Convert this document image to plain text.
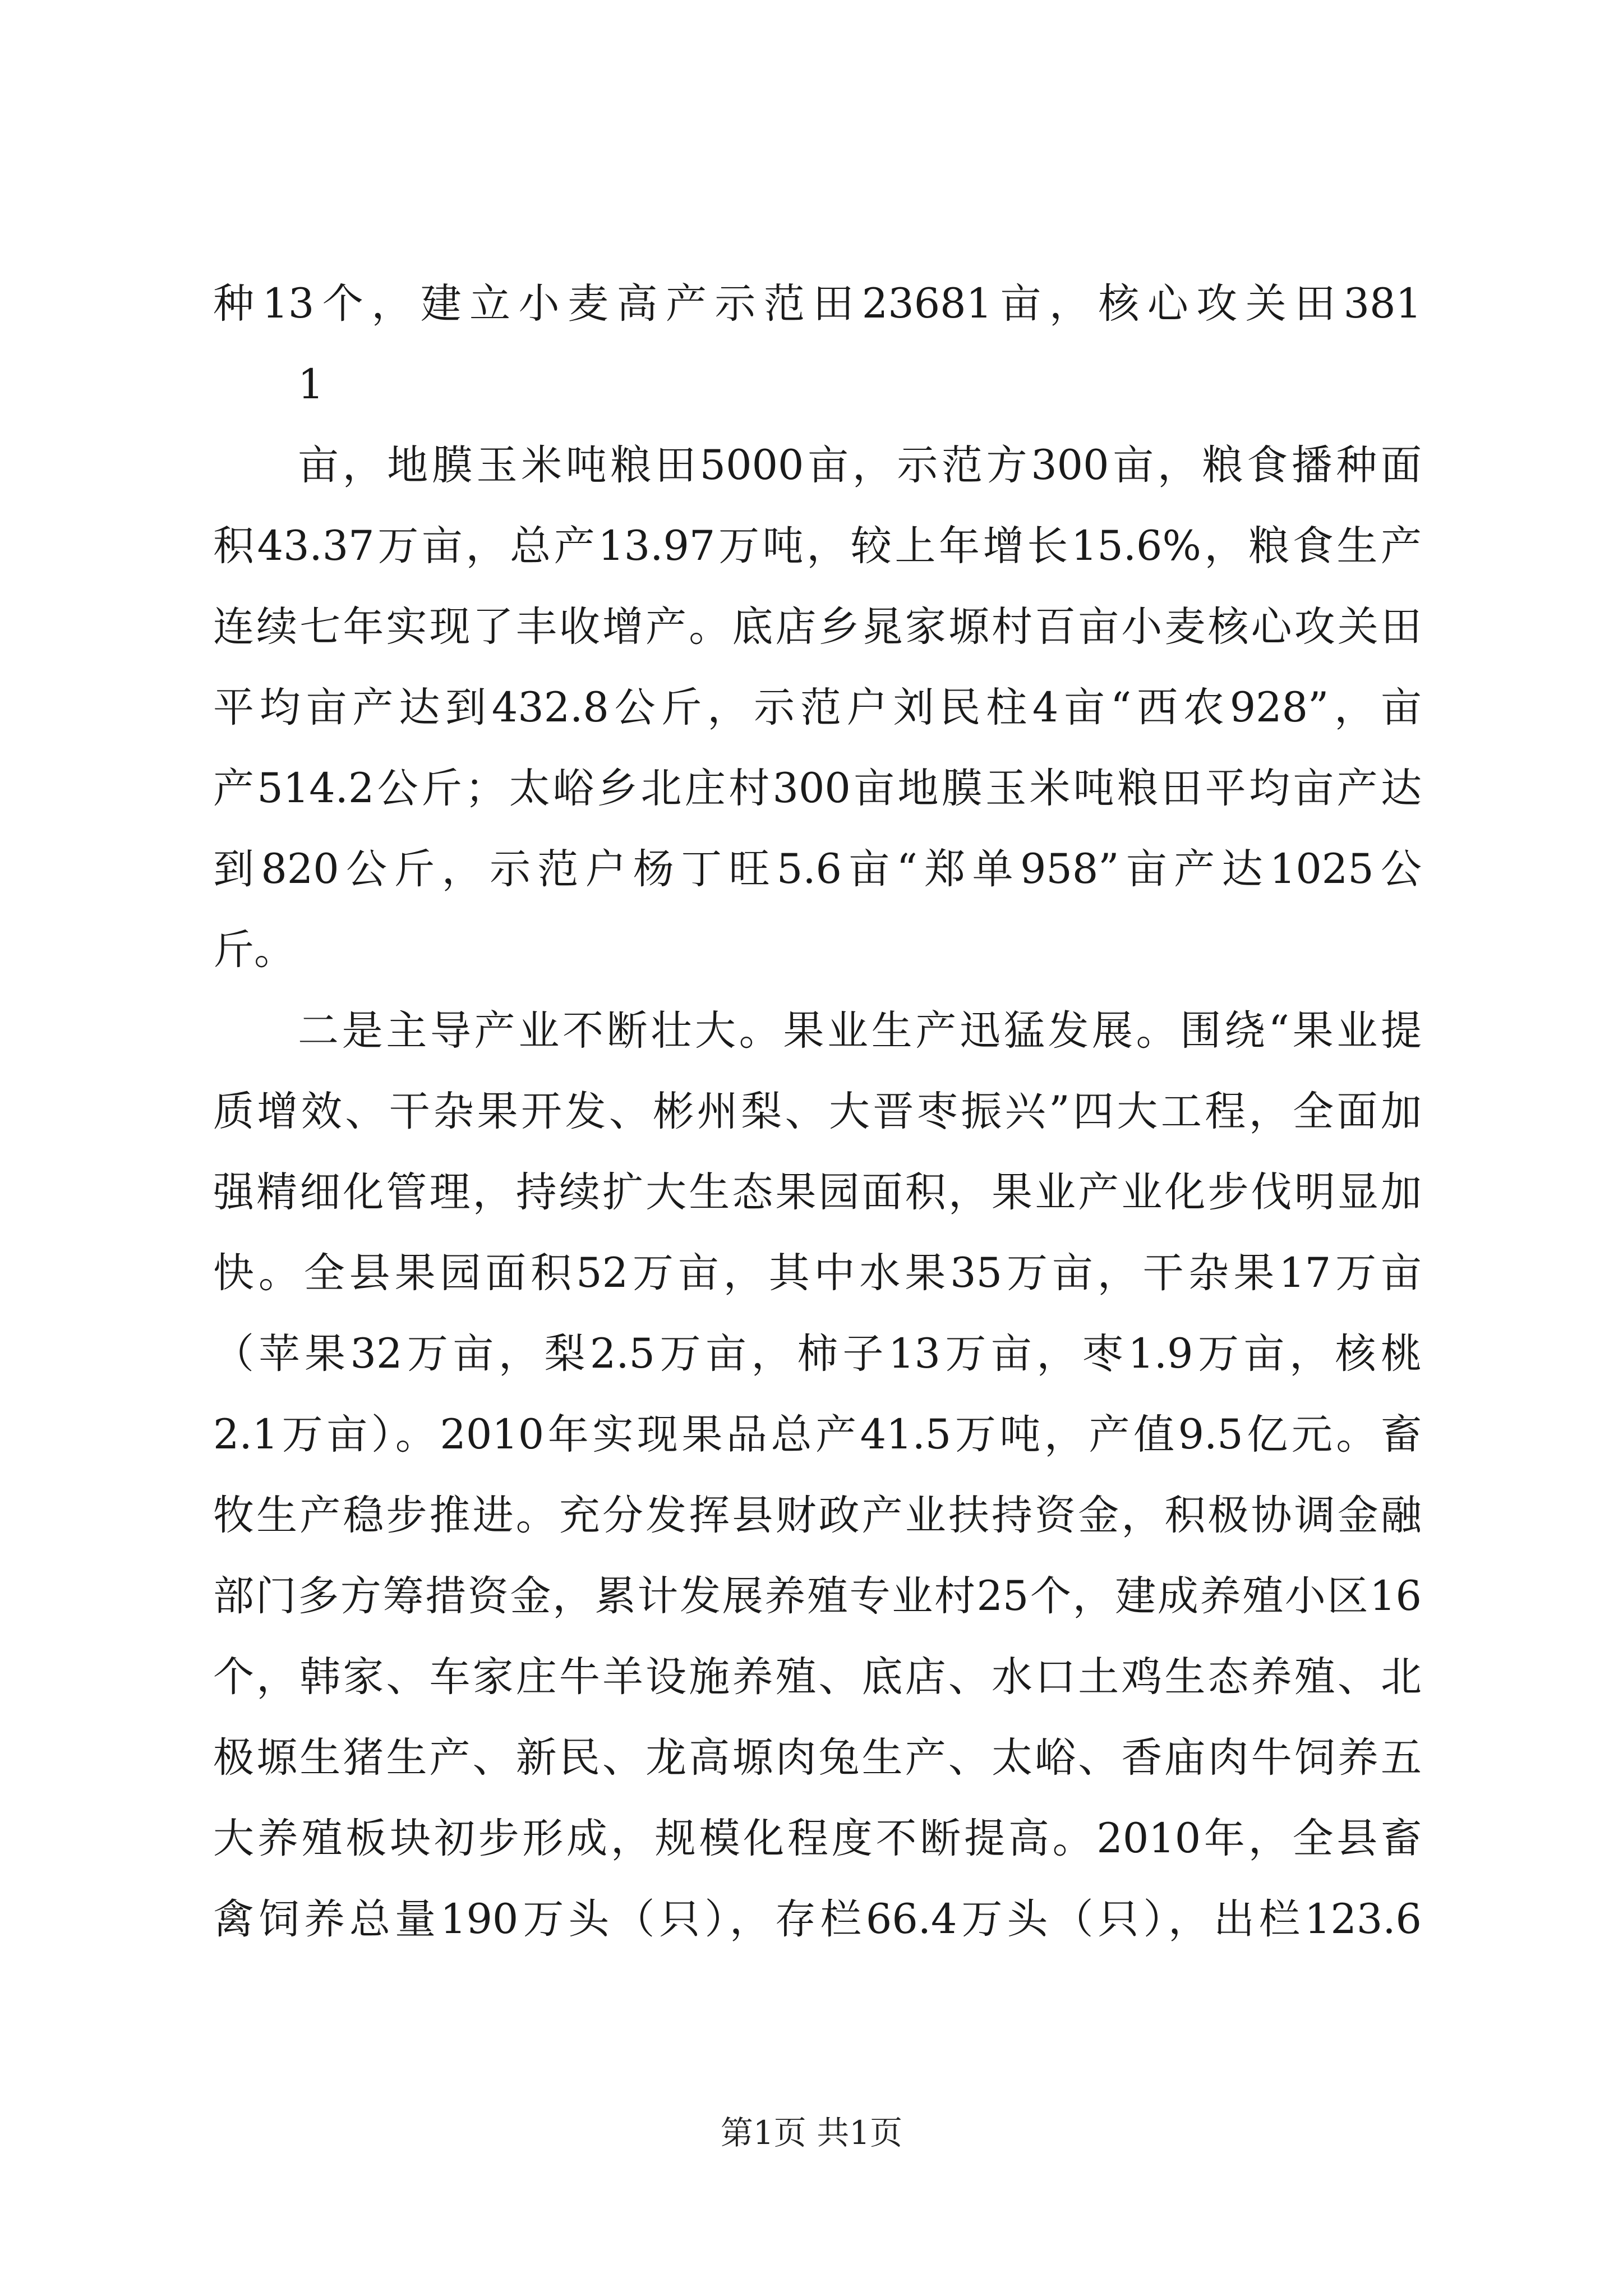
种13个，建立小麦高产示范田23681亩，核心攻关田381
1
亩，地膜玉米吨粮田5000亩，示范方300亩，粮食播种面
积43.37万亩，总产13.97万吨，较上年增长15.6%，粮食生产
连续七年实现了丰收增产。底店乡晁家塬村百亩小麦核心攻关田
平均亩产达到432.8公斤，示范户刘民柱4亩“西农928”，亩
产514.2公斤；太峪乡北庄村300亩地膜玉米吨粮田平均亩产达
到820公斤，示范户杨丁旺5.6亩“郑单958”亩产达1025公
斤。
二是主导产业不断壮大。果业生产迅猛发展。围绕“果业提
质增效、干杂果开发、彬州梨、大晋枣振兴”四大工程，全面加
强精细化管理，持续扩大生态果园面积，果业产业化步伐明显加
快。全县果园面积52万亩，其中水果35万亩，干杂果17万亩
（苹果32万亩，梨2.5万亩，柿子13万亩，枣1.9万亩，核桃
2.1万亩）。2010年实现果品总产41.5万吨，产值9.5亿元。畜
牧生产稳步推进。充分发挥县财政产业扶持资金，积极协调金融
部门多方筹措资金，累计发展养殖专业村25个，建成养殖小区16
个，韩家、车家庄牛羊设施养殖、底店、水口土鸡生态养殖、北
极塬生猪生产、新民、龙高塬肉兔生产、太峪、香庙肉牛饲养五
大养殖板块初步形成，规模化程度不断提高。2010年，全县畜
禽饲养总量190万头（只），存栏66.4万头（只），出栏123.6
第1页 共1页
